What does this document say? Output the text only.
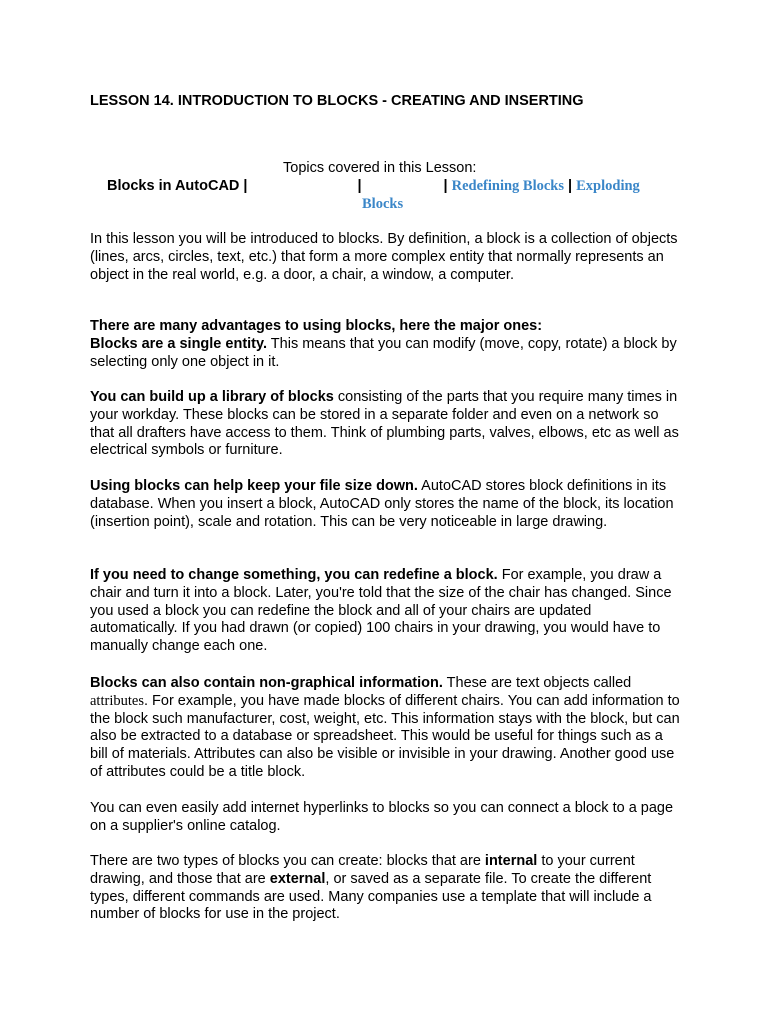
LESSON 14. INTRODUCTION TO BLOCKS - CREATING AND INSERTING
Topics covered in this Lesson:
Blocks in AutoCAD |	|	| Redefining Blocks | Exploding
Blocks
In this lesson you will be introduced to blocks. By definition, a block is a collection of objects (lines, arcs, circles, text, etc.) that form a more complex entity that normally represents an object in the real world, e.g. a door, a chair, a window, a computer.
There are many advantages to using blocks, here the major ones:
Blocks are a single entity. This means that you can modify (move, copy, rotate) a block by selecting only one object in it.
You can build up a library of blocks consisting of the parts that you require many times in your workday. These blocks can be stored in a separate folder and even on a network so that all drafters have access to them. Think of plumbing parts, valves, elbows, etc as well as electrical symbols or furniture.
Using blocks can help keep your file size down. AutoCAD stores block definitions in its database. When you insert a block, AutoCAD only stores the name of the block, its location (insertion point), scale and rotation. This can be very noticeable in large drawing.
If you need to change something, you can redefine a block. For example, you draw a chair and turn it into a block. Later, you're told that the size of the chair has changed. Since you used a block you can redefine the block and all of your chairs are updated automatically. If you had drawn (or copied) 100 chairs in your drawing, you would have to manually change each one.
Blocks can also contain non-graphical information. These are text objects called attributes. For example, you have made blocks of different chairs. You can add information to the block such manufacturer, cost, weight, etc. This information stays with the block, but can also be extracted to a database or spreadsheet. This would be useful for things such as a bill of materials. Attributes can also be visible or invisible in your drawing. Another good use of attributes could be a title block.
You can even easily add internet hyperlinks to blocks so you can connect a block to a page on a supplier's online catalog.
There are two types of blocks you can create: blocks that are internal to your current drawing, and those that are external, or saved as a separate file. To create the different types, different commands are used. Many companies use a template that will include a number of blocks for use in the project.
